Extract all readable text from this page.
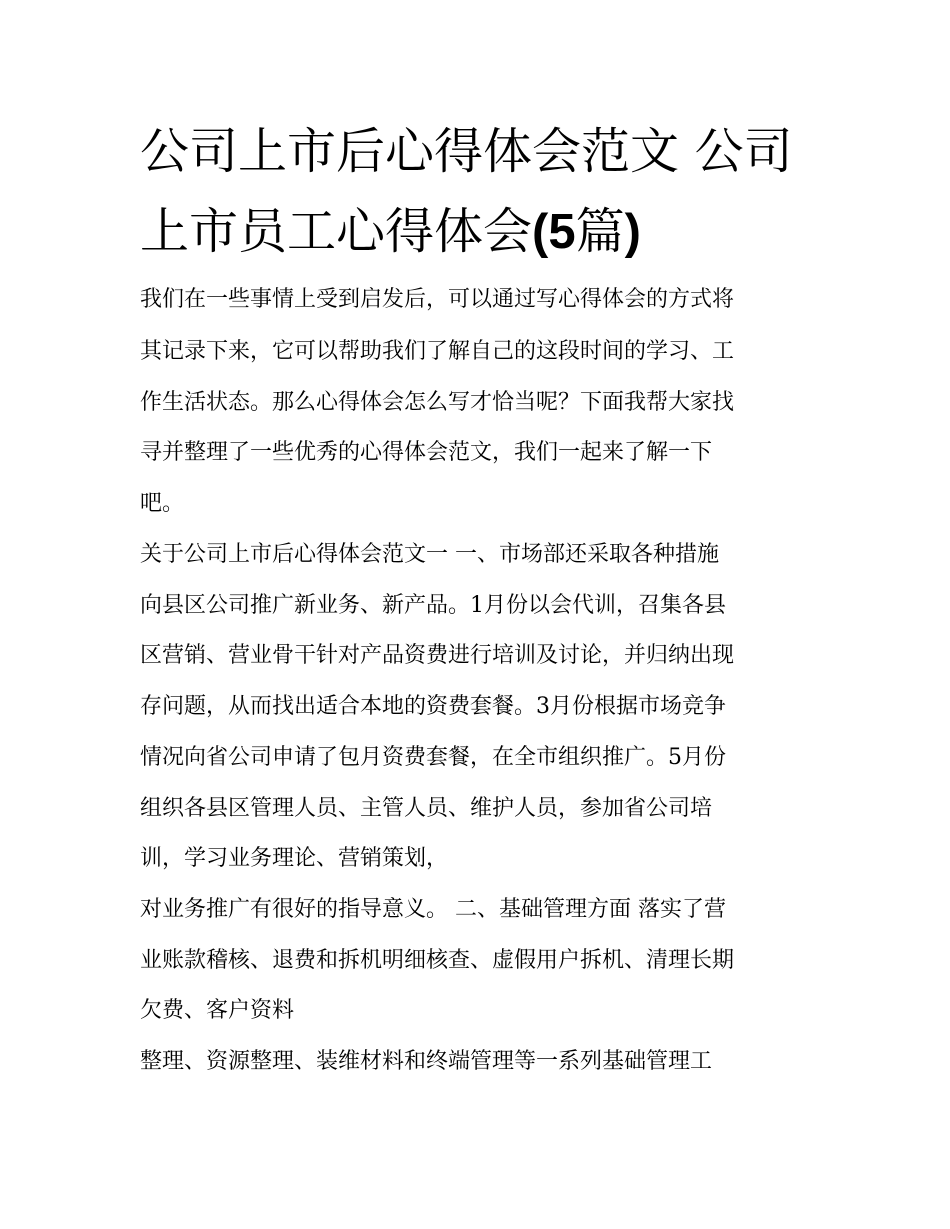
公司上市后心得体会范文 公司
上市员工心得体会(5篇)

我们在一些事情上受到启发后，可以通过写心得体会的方式将

其记录下来，它可以帮助我们了解自己的这段时间的学习、工

作生活状态。那么心得体会怎么写才恰当呢？下面我帮大家找

寻并整理了一些优秀的心得体会范文，我们一起来了解一下

吧。

关于公司上市后心得体会范文一 一、市场部还采取各种措施

向县区公司推广新业务、新产品。1月份以会代训，召集各县

区营销、营业骨干针对产品资费进行培训及讨论，并归纳出现

存问题，从而找出适合本地的资费套餐。3月份根据市场竞争

情况向省公司申请了包月资费套餐，在全市组织推广。5月份

组织各县区管理人员、主管人员、维护人员，参加省公司培

训，学习业务理论、营销策划，

对业务推广有很好的指导意义。 二、基础管理方面 落实了营

业账款稽核、退费和拆机明细核查、虚假用户拆机、清理长期

欠费、客户资料

整理、资源整理、装维材料和终端管理等一系列基础管理工
